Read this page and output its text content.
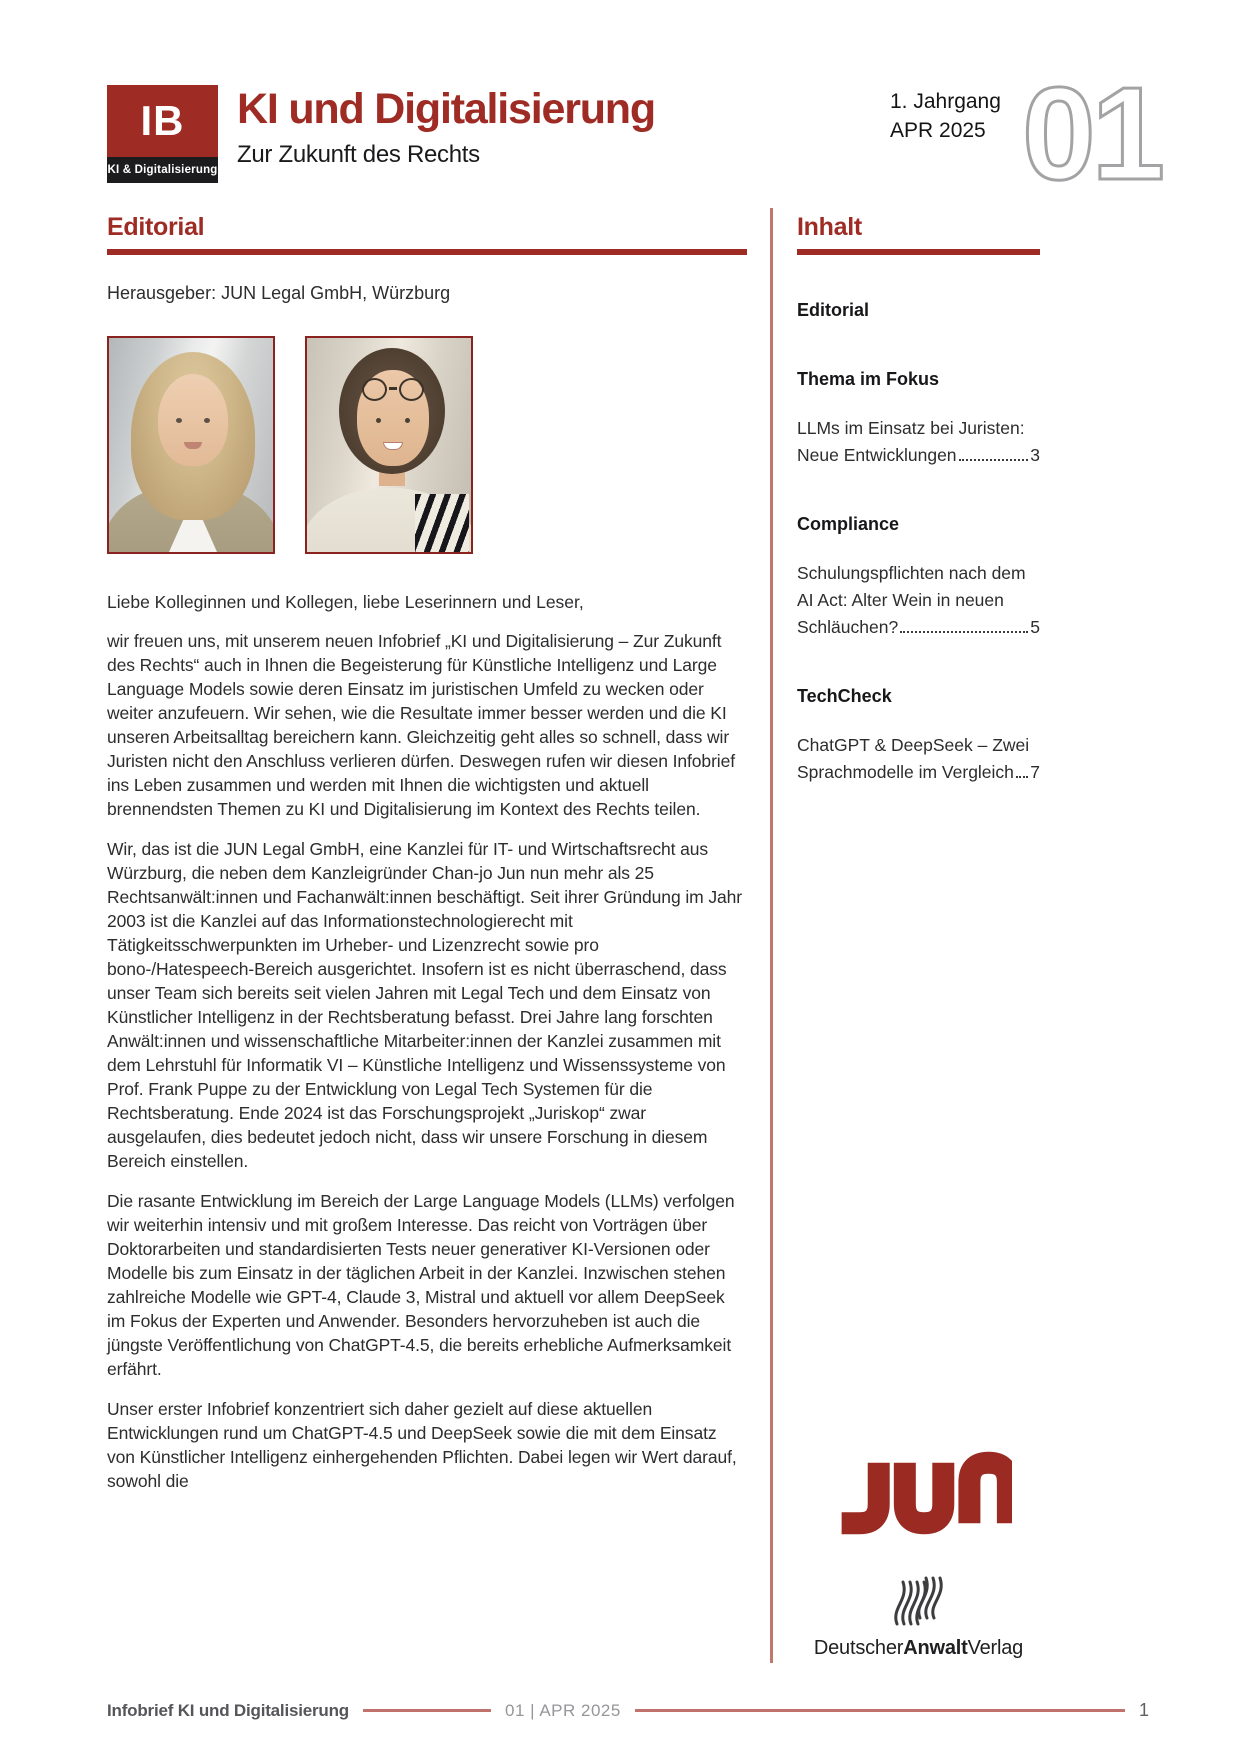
IB
KI & Digitalisierung
KI und Digitalisierung
Zur Zukunft des Rechts
1. Jahrgang
APR 2025 01
Editorial

Herausgeber: JUN Legal GmbH, Würzburg

Liebe Kolleginnen und Kollegen, liebe Leserinnern und Leser,

wir freuen uns, mit unserem neuen Infobrief „KI und Digitalisierung – Zur Zukunft des Rechts“ auch in Ihnen die Begeisterung für Künstliche Intelligenz und Large Language Models sowie deren Einsatz im juristischen Umfeld zu wecken oder weiter anzufeuern. Wir sehen, wie die Resultate immer besser werden und die KI unseren Arbeitsalltag bereichern kann. Gleichzeitig geht alles so schnell, dass wir Juristen nicht den Anschluss verlieren dürfen. Deswegen rufen wir diesen Infobrief ins Leben zusammen und werden mit Ihnen die wichtigsten und aktuell brennendsten Themen zu KI und Digitalisierung im Kontext des Rechts teilen.

Wir, das ist die JUN Legal GmbH, eine Kanzlei für IT- und Wirtschaftsrecht aus Würzburg, die neben dem Kanzleigründer Chan-jo Jun nun mehr als 25 Rechtsanwält:innen und Fachanwält:innen beschäftigt. Seit ihrer Gründung im Jahr 2003 ist die Kanzlei auf das Informationstechnologierecht mit Tätigkeitsschwerpunkten im Urheber- und Lizenzrecht sowie pro bono-/Hatespeech-Bereich ausgerichtet. Insofern ist es nicht überraschend, dass unser Team sich bereits seit vielen Jahren mit Legal Tech und dem Einsatz von Künstlicher Intelligenz in der Rechtsberatung befasst. Drei Jahre lang forschten Anwält:innen und wissenschaftliche Mitarbeiter:innen der Kanzlei zusammen mit dem Lehrstuhl für Informatik VI – Künstliche Intelligenz und Wissenssysteme von Prof. Frank Puppe zu der Entwicklung von Legal Tech Systemen für die Rechtsberatung. Ende 2024 ist das Forschungsprojekt „Juriskop“ zwar ausgelaufen, dies bedeutet jedoch nicht, dass wir unsere Forschung in diesem Bereich einstellen.

Die rasante Entwicklung im Bereich der Large Language Models (LLMs) verfolgen wir weiterhin intensiv und mit großem Interesse. Das reicht von Vorträgen über Doktorarbeiten und standardisierten Tests neuer generativer KI-Versionen oder Modelle bis zum Einsatz in der täglichen Arbeit in der Kanzlei. Inzwischen stehen zahlreiche Modelle wie GPT-4, Claude 3, Mistral und aktuell vor allem DeepSeek im Fokus der Experten und Anwender. Besonders hervorzuheben ist auch die jüngste Veröffentlichung von ChatGPT-4.5, die bereits erhebliche Aufmerksamkeit erfährt.

Unser erster Infobrief konzentriert sich daher gezielt auf diese aktuellen Entwicklungen rund um ChatGPT-4.5 und DeepSeek sowie die mit dem Einsatz von Künstlicher Intelligenz einhergehenden Pflichten. Dabei legen wir Wert darauf, sowohl die

Inhalt
Editorial
Thema im Fokus
LLMs im Einsatz bei Juristen:
Neue Entwicklungen	3
Compliance
Schulungspflichten nach dem
AI Act: Alter Wein in neuen
Schläuchen?	5
TechCheck
ChatGPT & DeepSeek – Zwei
Sprachmodelle im Vergleich 7
DeutscherAnwaltVerlag
Infobrief KI und Digitalisierung	01 | APR 2025	1
